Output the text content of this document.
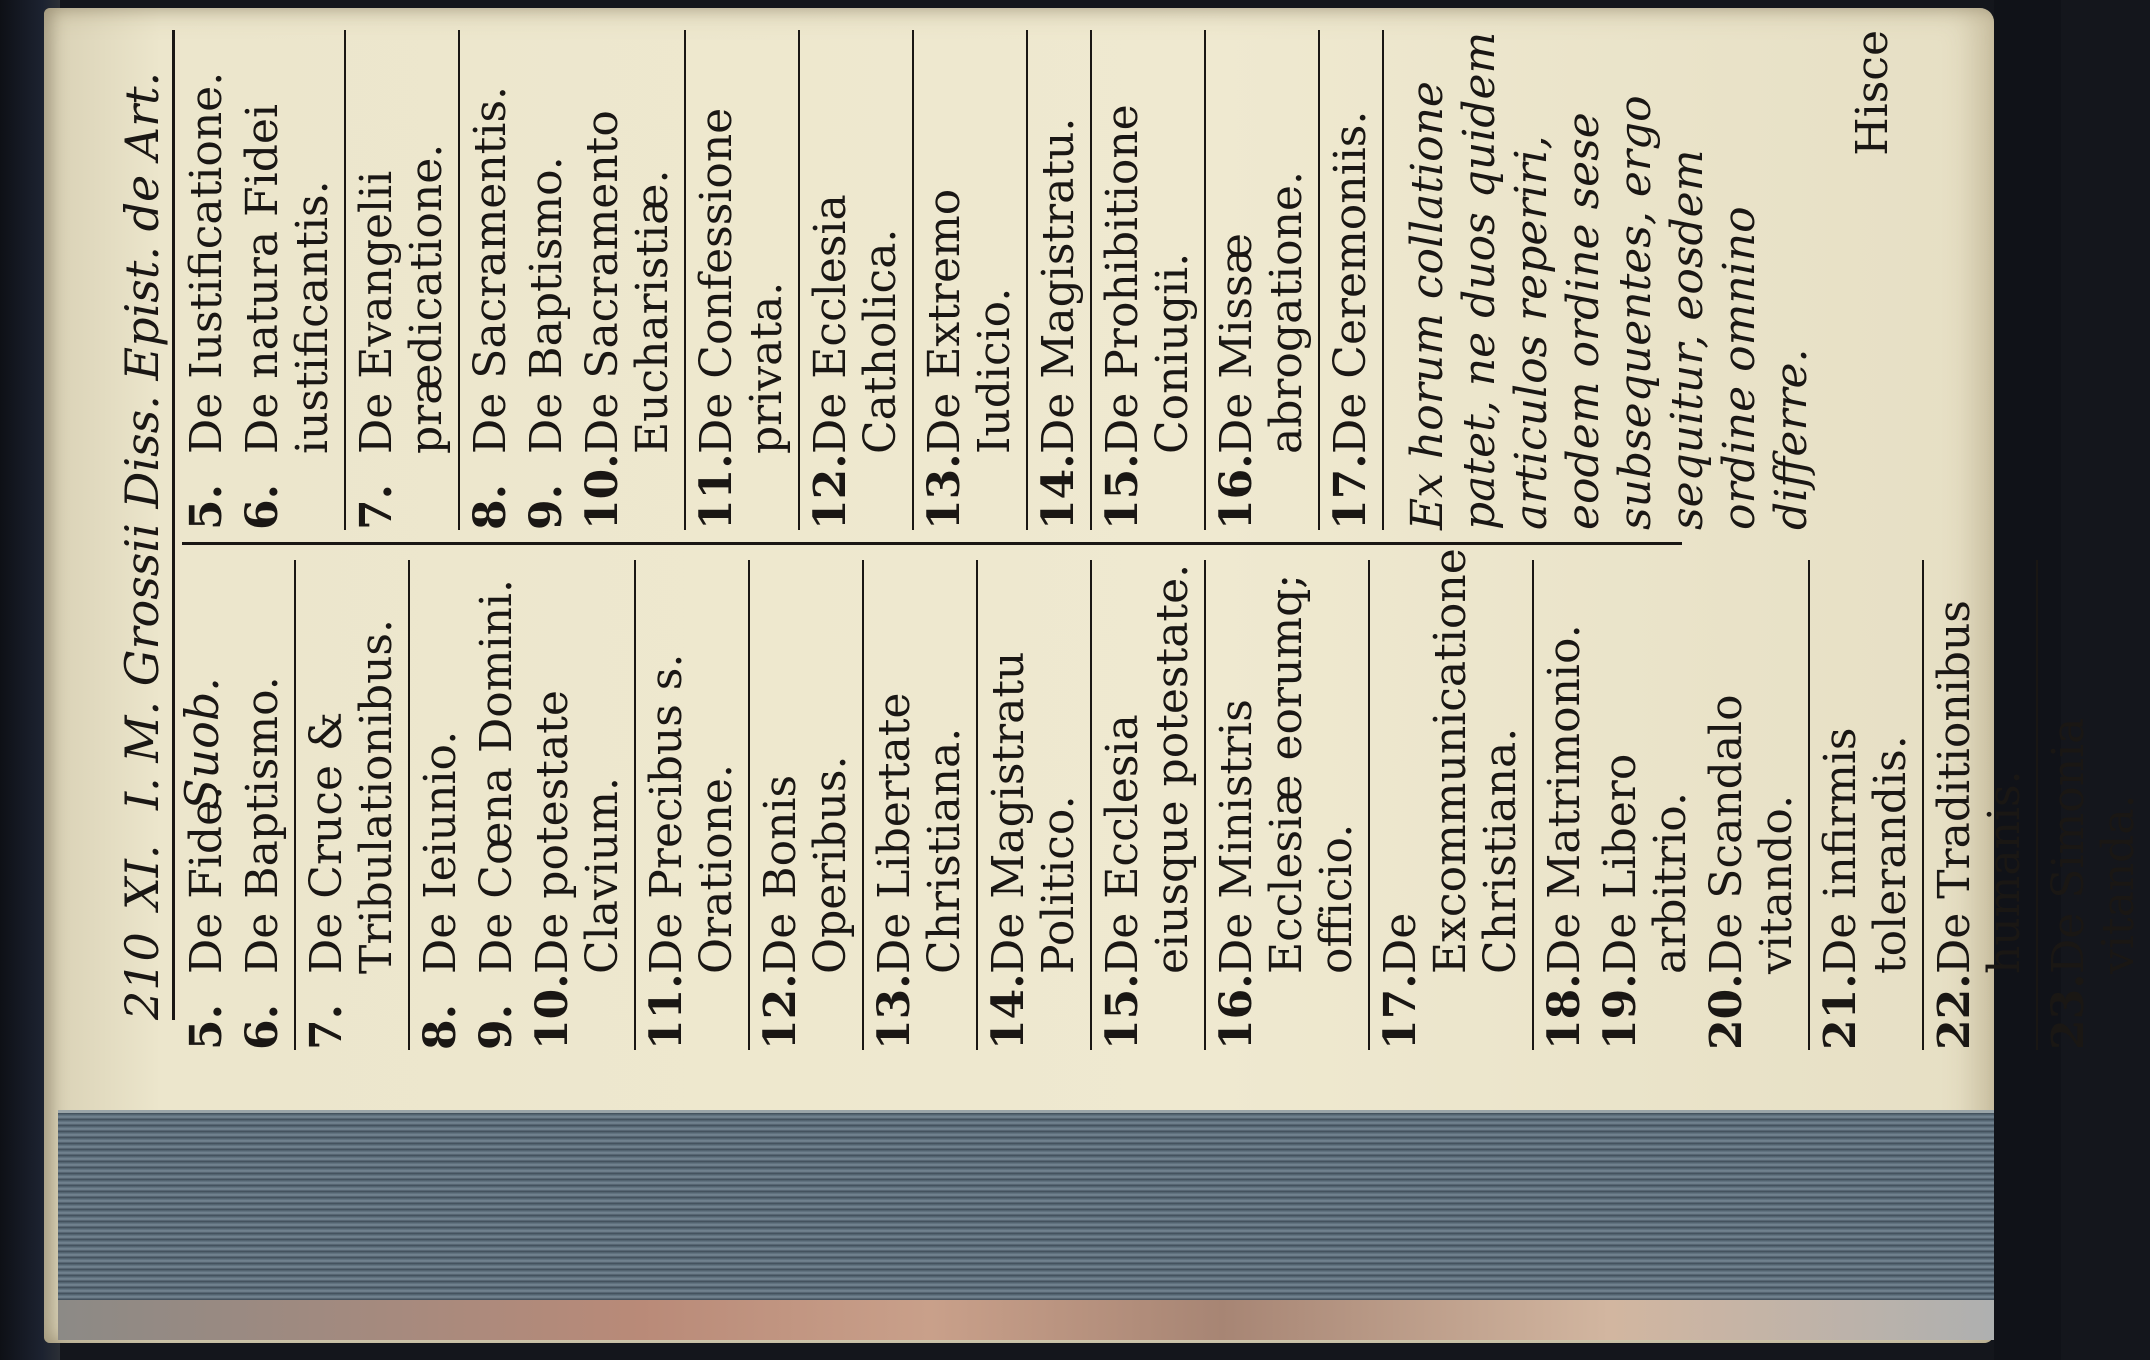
210
XI.
I. M. Grossii Diss. Epist. de Art. Suob.
5.
De Fide.
6.
De Baptismo.
7.
De Cruce & Tribulationibus.
8.
De Ieiunio.
9.
De Cœna Domini.
10.
De potestate Clavium.
11.
De Precibus s. Oratione.
12.
De Bonis Operibus.
13.
De Libertate Christiana.
14.
De Magistratu Politico.
15.
De Ecclesia eiusque potestate.
16.
De Ministris Ecclesiæ eorumq; officio.
17.
De Excommunicatione Christiana.
18.
De Matrimonio.
19.
De Libero arbitrio.
20.
De Scandalo vitando.
21.
De infirmis tolerandis.
22.
De Traditionibus humanis.
23.
De Simonia vitanda.
5.
De Iustificatione.
6.
De natura Fidei iustificantis.
7.
De Evangelii prædicatione.
8.
De Sacramentis.
9.
De Baptismo.
10.
De Sacramento Eucharistiæ.
11.
De Confessione privata.
12.
De Ecclesia Catholica.
13.
De Extremo Iudicio.
14.
De Magistratu.
15.
De Prohibitione Coniugii.
16.
De Missæ abrogatione.
17.
De Ceremoniis. Ex horum collatione patet, ne duos quidem articulos reperiri, eodem ordine sese subsequentes, ergo sequitur, eosdem ordine omnino differre.
Hisce
